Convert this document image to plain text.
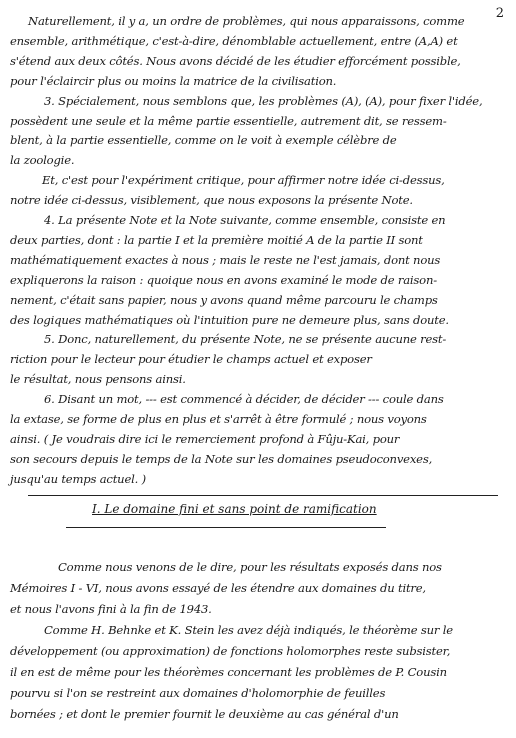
2
Naturellement, il y a, un ordre de problèmes, qui nous apparaissons, comme
ensemble, arithmétique, c'est-à-dire, dénomblable actuellement, entre (A,A) et
s'étend aux deux côtés. Nous avons décidé de les étudier efforcément possible,
pour l'éclaircir plus ou moins la matrice de la civilisation.
3. Spécialement, nous semblons que, les problèmes (A), (A), pour fixer l'idée,
possèdent une seule et la même partie essentielle, autrement dit, se ressem-
blent, à la partie essentielle, comme on le voit à exemple célèbre de
la zoologie.
Et, c'est pour l'expériment critique, pour affirmer notre idée ci-dessus,
notre idée ci-dessus, visiblement, que nous exposons la présente Note.
4. La présente Note et la Note suivante, comme ensemble, consiste en
deux parties, dont : la partie I et la première moitié A de la partie II sont
mathématiquement exactes à nous ; mais le reste ne l'est jamais, dont nous
expliquerons la raison : quoique nous en avons examiné le mode de raison-
nement, c'était sans papier, nous y avons quand même parcouru le champs
des logiques mathématiques où l'intuition pure ne demeure plus, sans doute.
5. Donc, naturellement, du présente Note, ne se présente aucune rest-
riction pour le lecteur pour étudier le champs actuel et exposer
le résultat, nous pensons ainsi.
6. Disant un mot, --- est commencé à décider, de décider --- coule dans
la extase, se forme de plus en plus et s'arrêt à être formulé ; nous voyons
ainsi. ( Je voudrais dire ici le remerciement profond à Fûju-Kai, pour
son secours depuis le temps de la Note sur les domaines pseudoconvexes,
jusqu'au temps actuel. )
I. Le domaine fini et sans point de ramification
Comme nous venons de le dire, pour les résultats exposés dans nos
Mémoires I - VI, nous avons essayé de les étendre aux domaines du titre,
et nous l'avons fini à la fin de 1943.
Comme H. Behnke et K. Stein les avez déjà indiqués, le théorème sur le
développement (ou approximation) de fonctions holomorphes reste subsister,
il en est de même pour les théorèmes concernant les problèmes de P. Cousin
pourvu si l'on se restreint aux domaines d'holomorphie de feuilles
bornées ; et dont le premier fournit le deuxième au cas général d'un
